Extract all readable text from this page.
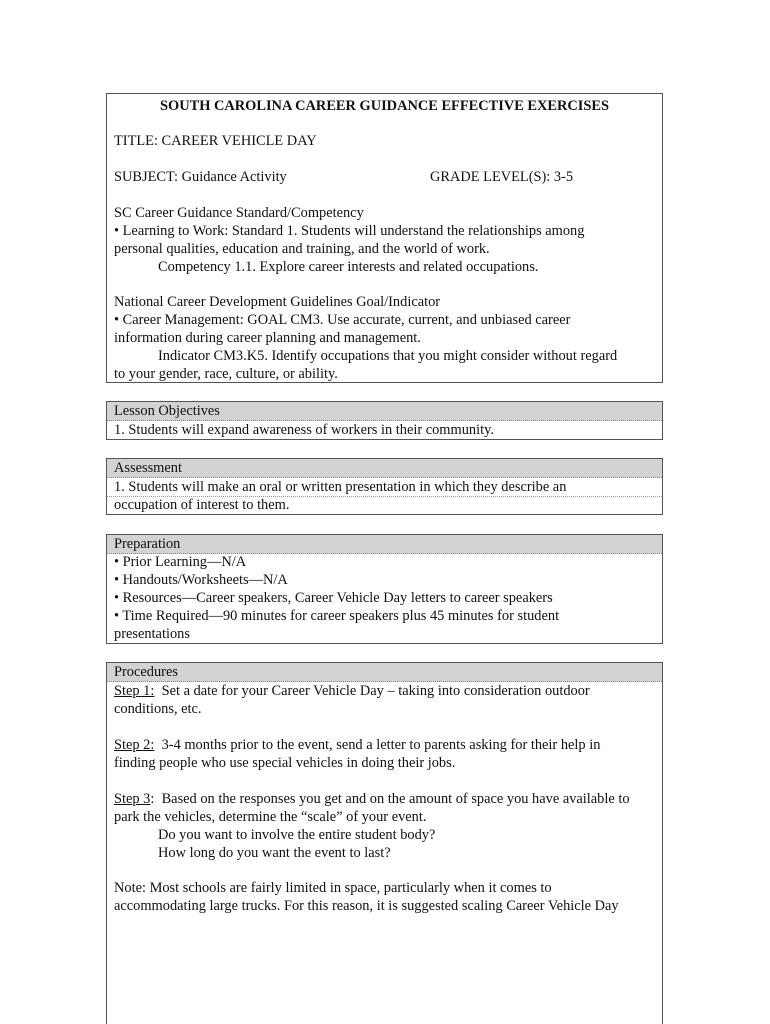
SOUTH CAROLINA CAREER GUIDANCE EFFECTIVE EXERCISES
TITLE: CAREER VEHICLE DAY
SUBJECT: Guidance Activity	GRADE LEVEL(S): 3-5
SC Career Guidance Standard/Competency
• Learning to Work: Standard 1. Students will understand the relationships among
personal qualities, education and training, and the world of work.
Competency 1.1. Explore career interests and related occupations.
National Career Development Guidelines Goal/Indicator
• Career Management: GOAL CM3. Use accurate, current, and unbiased career
information during career planning and management.
Indicator CM3.K5. Identify occupations that you might consider without regard
to your gender, race, culture, or ability.
Lesson Objectives
1. Students will expand awareness of workers in their community.
Assessment
1. Students will make an oral or written presentation in which they describe an
occupation of interest to them.
Preparation
• Prior Learning—N/A
• Handouts/Worksheets—N/A
• Resources—Career speakers, Career Vehicle Day letters to career speakers
• Time Required—90 minutes for career speakers plus 45 minutes for student
presentations
Procedures
Step 1:  Set a date for your Career Vehicle Day – taking into consideration outdoor
conditions, etc.
Step 2:  3-4 months prior to the event, send a letter to parents asking for their help in
finding people who use special vehicles in doing their jobs.
Step 3:  Based on the responses you get and on the amount of space you have available to
park the vehicles, determine the “scale” of your event.
Do you want to involve the entire student body?
How long do you want the event to last?
Note: Most schools are fairly limited in space, particularly when it comes to
accommodating large trucks. For this reason, it is suggested scaling Career Vehicle Day
